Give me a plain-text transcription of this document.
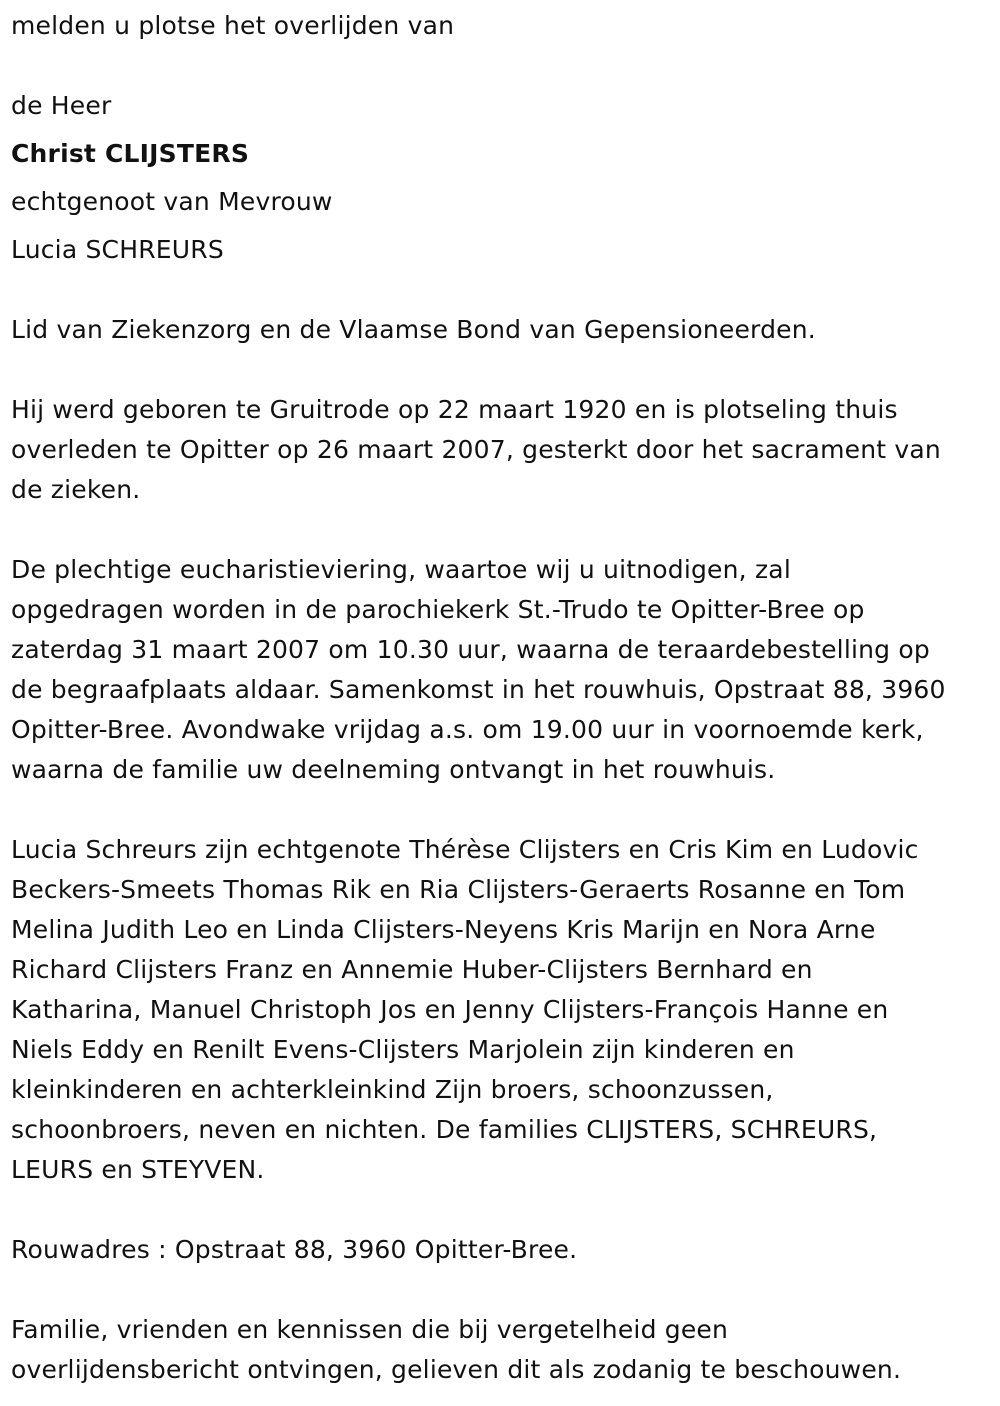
melden u plotse het overlijden van

de Heer

Christ CLIJSTERS

echtgenoot van Mevrouw

Lucia SCHREURS

Lid van Ziekenzorg en de Vlaamse Bond van Gepensioneerden.

Hij werd geboren te Gruitrode op 22 maart 1920 en is plotseling thuis

overleden te Opitter op 26 maart 2007, gesterkt door het sacrament van

de zieken.

De plechtige eucharistieviering, waartoe wij u uitnodigen, zal

opgedragen worden in de parochiekerk St.-Trudo te Opitter-Bree op

zaterdag 31 maart 2007 om 10.30 uur, waarna de teraardebestelling op

de begraafplaats aldaar. Samenkomst in het rouwhuis, Opstraat 88, 3960

Opitter-Bree. Avondwake vrijdag a.s. om 19.00 uur in voornoemde kerk,

waarna de familie uw deelneming ontvangt in het rouwhuis.

Lucia Schreurs zijn echtgenote Thérèse Clijsters en Cris Kim en Ludovic

Beckers-Smeets Thomas Rik en Ria Clijsters-Geraerts Rosanne en Tom

Melina Judith Leo en Linda Clijsters-Neyens Kris Marijn en Nora Arne

Richard Clijsters Franz en Annemie Huber-Clijsters Bernhard en

Katharina, Manuel Christoph Jos en Jenny Clijsters-François Hanne en

Niels Eddy en Renilt Evens-Clijsters Marjolein zijn kinderen en

kleinkinderen en achterkleinkind Zijn broers, schoonzussen,

schoonbroers, neven en nichten. De families CLIJSTERS, SCHREURS,

LEURS en STEYVEN.

Rouwadres : Opstraat 88, 3960 Opitter-Bree.

Familie, vrienden en kennissen die bij vergetelheid geen

overlijdensbericht ontvingen, gelieven dit als zodanig te beschouwen.
